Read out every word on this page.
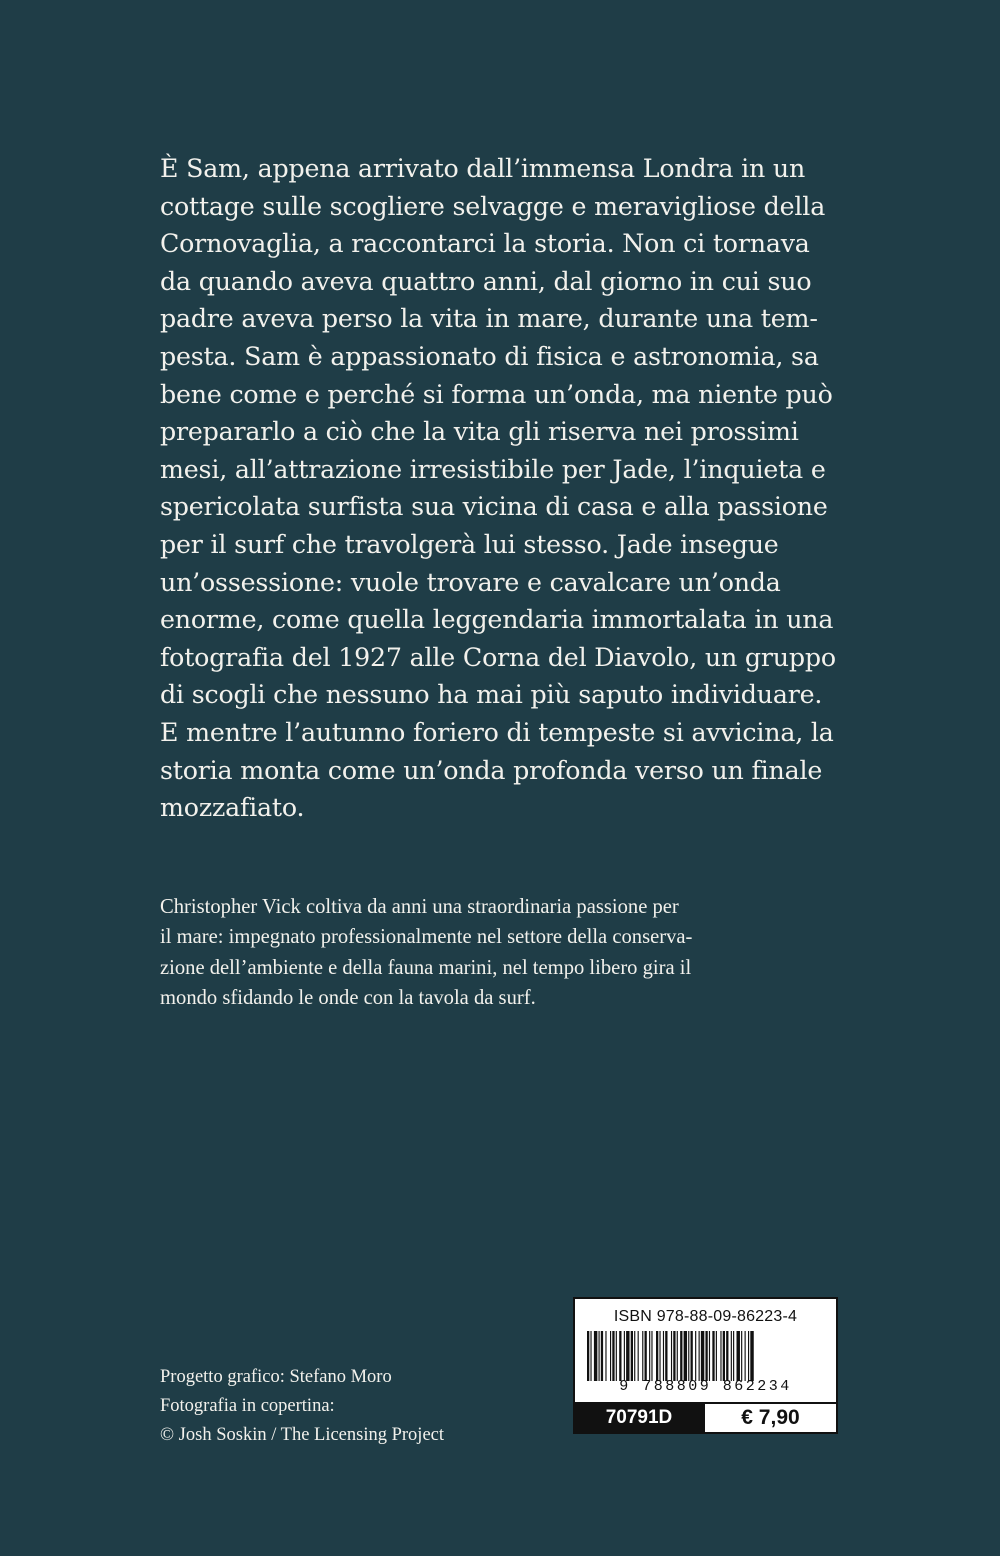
È Sam, appena arrivato dall’immensa Londra in un
cottage sulle scogliere selvagge e meravigliose della
Cornovaglia, a raccontarci la storia. Non ci tornava
da quando aveva quattro anni, dal giorno in cui suo
padre aveva perso la vita in mare, durante una tem-
pesta. Sam è appassionato di fisica e astronomia, sa
bene come e perché si forma un’onda, ma niente può
prepararlo a ciò che la vita gli riserva nei prossimi
mesi, all’attrazione irresistibile per Jade, l’inquieta e
spericolata surfista sua vicina di casa e alla passione
per il surf che travolgerà lui stesso. Jade insegue
un’ossessione: vuole trovare e cavalcare un’onda
enorme, come quella leggendaria immortalata in una
fotografia del 1927 alle Corna del Diavolo, un gruppo
di scogli che nessuno ha mai più saputo individuare.
E mentre l’autunno foriero di tempeste si avvicina, la
storia monta come un’onda profonda verso un finale
mozzafiato.
Christopher Vick coltiva da anni una straordinaria passione per
il mare: impegnato professionalmente nel settore della conserva-
zione dell’ambiente e della fauna marini, nel tempo libero gira il
mondo sfidando le onde con la tavola da surf.
Progetto grafico: Stefano Moro
Fotografia in copertina:
© Josh Soskin / The Licensing Project
ISBN 978-88-09-86223-4
9 788809 862234
70791D	€ 7,90
